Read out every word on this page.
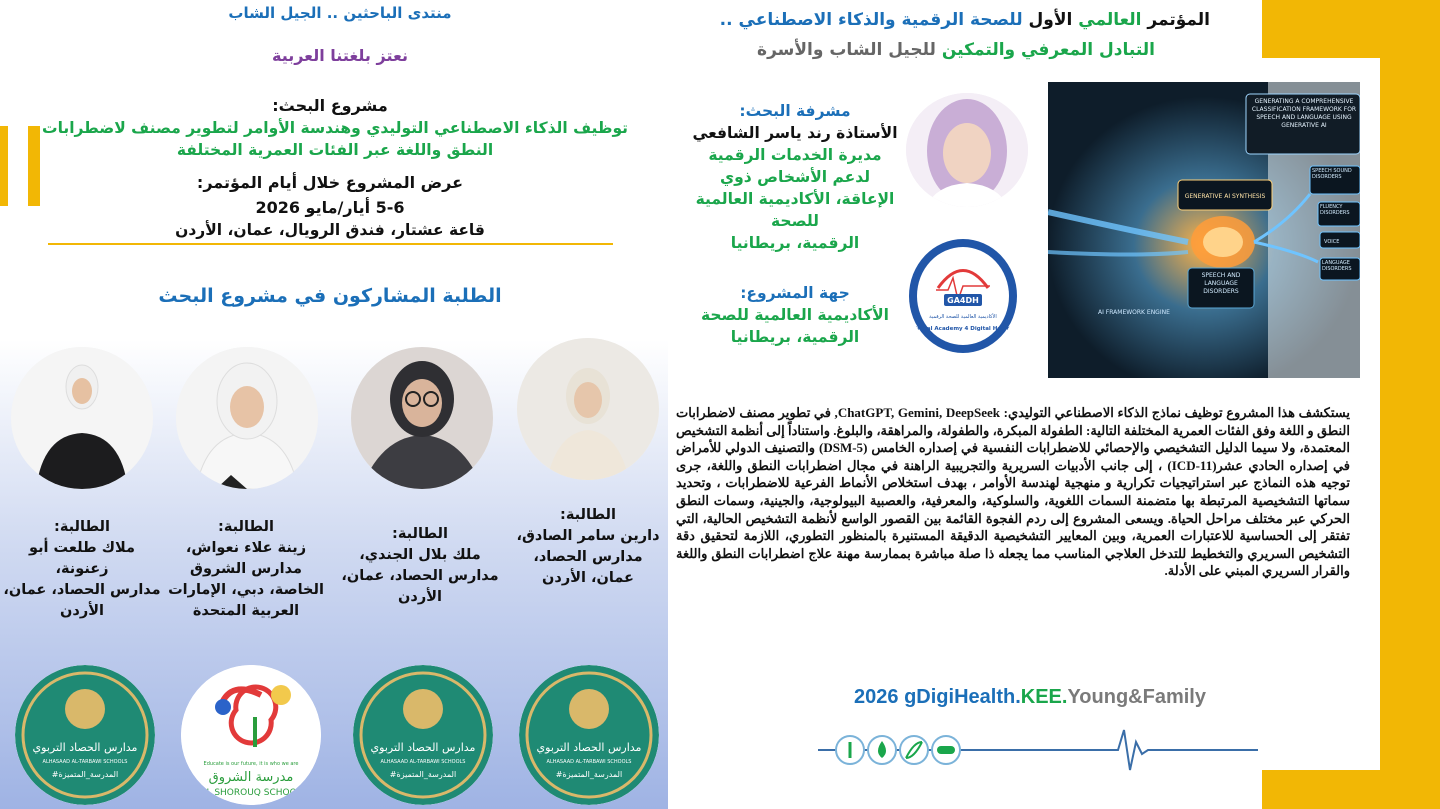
منتدى الباحثين .. الجيل الشاب
نعتز بلغتنا العربية
مشروع البحث:
توظيف الذكاء الاصطناعي التوليدي وهندسة الأوامر لتطوير مصنف لاضطرابات النطق واللغة عبر الفئات العمرية المختلفة
عرض المشروع خلال أيام المؤتمر:
5-6 أيار/مايو 2026
قاعة عشتار، فندق الرويال، عمان، الأردن
الطلبة المشاركون في مشروع البحث
الطالبة:
دارين سامر الصادق،
مدارس الحصاد،
عمان، الأردن
الطالبة:
ملك بلال الجندي،
مدارس الحصاد، عمان،
الأردن
الطالبة:
زينة علاء نعواش،
مدارس الشروق الخاصة، دبي، الإمارات
العربية المتحدة
الطالبة:
ملاك طلعت أبو زعنونة،
مدارس الحصاد، عمان،
الأردن
مدارس الحصاد التربوي
ALHASAAD AL-TARBAWI SCHOOLS
#المدرسة_المتميزة
مدارس الحصاد التربوي
ALHASAAD AL-TARBAWI SCHOOLS
#المدرسة_المتميزة
Educate is our future, it is who we are
مدرسة الشروق
AL SHOROUQ SCHOOL
مدارس الحصاد التربوي
ALHASAAD AL-TARBAWI SCHOOLS
#المدرسة_المتميزة
المؤتمر العالمي الأول للصحة الرقمية والذكاء الاصطناعي ..
التبادل المعرفي والتمكين للجيل الشاب والأسرة
GENERATING A COMPREHENSIVE CLASSIFICATION FRAMEWORK FOR SPEECH AND LANGUAGE USING GENERATIVE AI
GENERATIVE AI SYNTHESIS
SPEECH AND LANGUAGE DISORDERS
AI FRAMEWORK ENGINE
SPEECH SOUND DISORDERS
FLUENCY DISORDERS
VOICE
LANGUAGE DISORDERS
GA4DH
الأكاديمية العالمية للصحة الرقمية
Global Academy 4 Digital Health
مشرفة البحث:
الأستاذة رند ياسر الشافعي
مديرة الخدمات الرقمية لدعم الأشخاص ذوي الإعاقة، الأكاديمية العالمية للصحة
الرقمية، بريطانيا
جهة المشروع:
الأكاديمية العالمية للصحة
الرقمية، بريطانيا
يستكشف هذا المشروع توظيف نماذج الذكاء الاصطناعي التوليدي: ChatGPT, Gemini, DeepSeek, في تطوير مصنف لاضطرابات النطق و اللغة وفق الفئات العمرية المختلفة التالية: الطفولة المبكرة، والطفولة، والمراهقة، والبلوغ. واستناداً إلى أنظمة التشخيص المعتمدة، ولا سيما الدليل التشخيصي والإحصائي للاضطرابات النفسية في إصداره الخامس (DSM-5) والتصنيف الدولي للأمراض في إصداره الحادي عشر(ICD-11) ، إلى جانب الأدبيات السريرية والتجريبية الراهنة في مجال اضطرابات النطق واللغة، جرى توجيه هذه النماذج عبر استراتيجيات تكرارية و منهجية لهندسة الأوامر ، بهدف استخلاص الأنماط الفرعية للاضطرابات ، وتحديد سماتها التشخيصية المرتبطة بها متضمنة السمات اللغوية، والسلوكية، والمعرفية، والعصبية البيولوجية، والجينية، وسمات النطق الحركي عبر مختلف مراحل الحياة. ويسعى المشروع إلى ردم الفجوة القائمة بين القصور الواسع لأنظمة التشخيص الحالية، التي تفتقر إلى الحساسية للاعتبارات العمرية، وبين المعايير التشخيصية الدقيقة المستنيرة بالمنظور التطوري، اللازمة لتحقيق دقة التشخيص السريري والتخطيط للتدخل العلاجي المناسب مما يجعله ذا صلة مباشرة بممارسة مهنة علاج اضطرابات النطق واللغة والقرار السريري المبني على الأدلة.
2026 gDigiHealth.KEE.Young&Family
